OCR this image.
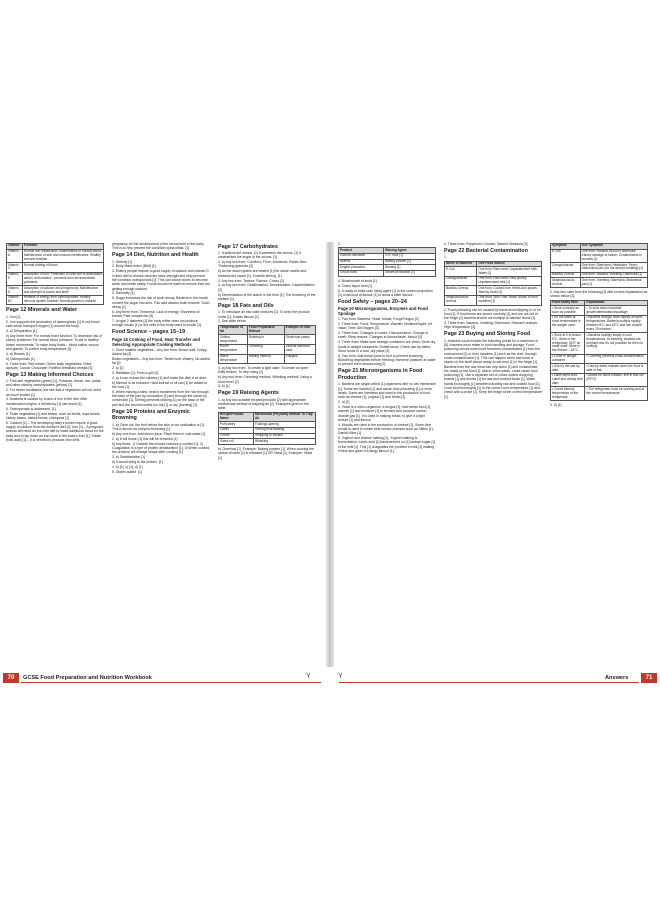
Vitamin	Function
Vitamin A	Normal iron metabolism; Maintenance of normal vision; Maintenance of skin and mucous membranes; Healthy immune function
Vitamin C	Normal clotting of blood
Vitamin E	Absorption of iron; Protection of cells due to antioxidant action; Anti-oxidant – prevents from environmental pollutants
Vitamin D	Absorption of calcium and phosphorus; Maintenance and strength of bones and teeth
Vitamin B1	Release of energy from carbohydrates; Healthy nervous system function; Normal growth in children
Page 12 Minerals and Water

1. Iron [1]

2. Iron supports the production of haemoglobin [1] in red blood cells which transport oxygen [1] around the body.

3. a) Dehydration [1]

b) Any three from: For normal brain function; To decrease risk of kidney problems; For normal blood pressure; To aid in healthy bowel movements; To make body fluids – blood saliva, mucus and glands; To control body temperature [3]

4. a) Rickets [1]

b) Osteoporosis [1]

5. Three from: Red meats; Green leafy vegetables; Dried apricots; Cocoa; Chocolate; Fortified breakfast cereals [3]

Page 13 Making Informed Choices

1. Fruit and vegetables (green) [1]; Potatoes, bread, rice, pasta and other starchy carbohydrates (yellow) [1]

2. For newer foodbanks, the fact that a vegetarian will not need as much protein [1]

3. Anaemia is caused by a lack of iron in the diet. After menstruation begins, a deficiency [1] can result [1].

4. Osteoporosis is addressed. [1]

5. Pulse vegetables [1] and beans, such as lentils, soya beans, kidney beans, baked beans, chickpeas [1]

6. Calcium [1] – The developing baby's bones require a good supply of calcium from the mother's diet [1]. Iron [1] – A pregnant woman will need an iron-rich diet to make additional blood for the baby and to lay down an iron store in the baby's liver [1]. Folate (folic acid) [1] – It is needed to produce new cells.

pregnancy for the development of the neural tube in the baby. This is to help prevent the condition spina bifida. [1]

Page 14 Diet, Nutrition and Health

1. Obesity [1]

2. Body Mass Index (BMI) [1]

3. Elderly people require a good supply of calcium and vitamin D in their diet to ensure muscles have strength and help prevent the condition osteoporosis [1]. This can cause bones to become weak and break easily. Foods should be eaten to ensure they are getting enough calcium.

4. Rancidity [1]

5. Sugar increases the risk of tooth decay. Bacteria in the mouth convert the sugar into acid. This acid attacks tooth enamel. Tooth decay [1]

6. Any three from: Tiredness; Lack of energy; Shortness of breath; Pale complexion [3]

7. In type 2 diabetes [1] the body either does not produce enough insulin [1] or the cells in the body react to insulin [1].

Food Science – pages 15–19
Page 15 Cooking of Food, Heat Transfer and Selecting Appropriate Cooking Methods

1. Oven roasted vegetables – Any two from: Brown well; Crispy; Added fat [2]

Boiled vegetables – Any two from: Tender/soft; Watery; No added fat [2]

2. a) [1]

3. Radiation [1]; From a grill [1]

4. a) It can reduce the calories [1] and make the dish a lot drier.

b) Method is as followed: Hard-boil fat or oil can [1] be added to the food [1].

5. When making a stew, heat is transferred from the hob through the base of the pan by conduction [1] and through the sauce by convection [1]. Stirring prevents sticking [1] on the base of the pan and the food becomes too hot [1] or dry (burning) [1].

Page 16 Proteins and Enzymic Browning

1. a) Clear out, the fruit before the skin of cut oxidisation is [1]. This is known as enzymic browning [1].

b) Any one from: Add lemon juice; Place them in cold water [1]

2. a) It will brown [1] this will be browned [1]

b) Any three: 1) Outside the mixture reaches a curdled [1]; 2) Coagulation in a tyre of protein denaturation [1]; 3) When cooked the proteins will change shape after cooking [1]

3. a) Gelatinisation [1]

b) It would bring to the protein. [1]

4. b) [1]; c) [1]; d) [1]

5. Gluten added. [1]

Page 17 Carbohydrates

1. It softens the onions. [1] It sweetens the onions. [1] It caramelises the sugar in the onions. [1]

2. a) Any two from: Cornflour; Flour; Arrowroot; Potato flour; Thickening granules [2]

b) As the starch grains are heated [1] the starch swells and thickens the sauce [1]. It needs stirring. [1]

3. Any two from: Texture; Flavour; Colour [2]

4. a) Any two from: Gelatinisation; Dextrinisation; Caramelisation [2]

b) Dextrinisation of the starch in the flour [1]; The browning of the surface [1]

Page 18 Fats and Oils

1. To introduce air into cake mixtures [1]; To keep the product moist [1]; It adds flavour [1]

2. See table below

Temperature of fat	Food Preparation Method	Example of Dish
Chilled temperature	Rubbing in	Shortcrust pastry
Room temperature	Creaming	Victoria sandwich cake
Warm temperature	Melting method	Flapjack

4. a) Any two from: To create a light cake; To create an open fluffy texture; To help rising [2]

b) Any two from: Creaming method; Whisking method; Using a food mixer [2]

5. b) [1]

Page 19 Raising Agents

1. a) Any two suitable recipes/products [2] with appropriate mechanical method of trapping air [2]. Examples given in the table.

Recipe/Product Name	Mechanical (Physical) Method To Trap Air
Puff pastry	Folding/Layering
Cakes	Sieving flour/Beating
Cream	Whipping to thicken
Swiss roll	Whisking

b) Chemical [1]. Example: Baking powder [1]. When cooking the carbon dioxide [1] is released [1] OR Yeast [1]. Example: Yeast [1]

2.

Product	Raising Agent
Victoria Sandwich	S.R. flour [1]
Muffins	Baking powder [1]
English pancakes	Beating [1]
Choux buns	Steam production [1]

4. Bicarbonate of soda [1]

A. Dutch liquor best [1]

5. A ready-to-bake-only rising agent [1] in the correct proportion [1] of amount of flavour [1] to avoid a bitter flavour.

Food Safety – pages 20–24
Page 20 Microorganisms, Enzymes and Food Spoilage

1. Two from: Bacteria; Yeast; Mould; Fungi/Fungus [2]

2. Three from: Food; Temperature; Warmth; Moisture/liquid; pH value; Time; Air/Oxygen [3]

3. Three from: Changes in colour; Discolouration; Change in smell; Slimy texture; Changes in flavour/taste; Mould [3]

4. Three from: Make sure storage containers are clean; Store dry foods in airtight containers; Rotate stock; Check use by dates; Store foods in a cool, dry place [3]

5. Two from: Add lemon juice to fruit to prevent browning; Blanching vegetables before freezing; Immerse potatoes in water to prevent them discolouring [2]

Page 21 Microorganisms in Food Production

1. Bacteria are single-celled [1] organisms with no cell membrane [1]. Some are harmful [1] and cause food poisoning [1] or even death. Some are harmless and used in the production of food such as cheese [1], yoghurt [1] and bread [1].

2. a) [1]

3. Yeast is a micro-organism, a fungus [1], that needs food [1], warmth [1] and moisture [1] to ferment and produce carbon dioxide gas [1]. It is used in making bread, to give it a light texture [1] and flavour.

4. Moulds are used in the production of cheese [1]. Some blue mould is used to create blue veined cheeses such as Stilton [1], Danish Blue [1].

5. Yoghurt and cheese making [1]. Yoghurt-making is fermentation: Lactic acid [1] bacteria feed on [1] lactose sugar [1] in the milk [1]. This [1] coagulates the proteins in milk [1] making it thick and gives it a tangy flavour [1].

4. Three from: Pepperoni; Chorizo; Salami; Bresaola [3]

Page 22 Bacterial Contamination

1.

Name of Bacteria	One Food Source
E.Coli	One from: Raw meat; Unpasteurised milk; Water [1]
Campylobacter	One from: Raw meat; Raw poultry; Unpasteurised milk [1]
Bacillus Cereus	One from: Cooked rice; Herbs and spices; Starchy foods [1]
Staphylococcus Aureus	One from: Skin; Hair; Nose; Mouth of food handlers [1]

2. Food poisoning can be caused by bacteria multiplying in or on food [1]. If food items are stored correctly [1] and are not out of the fridge [1] bacteria should not multiply to harmful levels [1].

3. Three from: Nausea; Vomiting; Diarrhoea; Stomach cramps; High temperature [3]

Page 23 Buying and Storing Food

1. Answers could include the following points for a maximum of [8]. Answers must relate to food handling and storage: Food poisoning occurs when food becomes contaminated [1] from the environment [1] or food handlers [1] such as the chef, through cross-contamination [1]. This can happen when raw meat is stored on the shelf above ready-to-eat food [1] in the fridge [1]. Bacteria from the raw meat can drip down [1] and contaminate the ready-to-eat food [1], which, when eaten, could cause food poisoning [1]. Use a separate set of colour-coded chopping boards [1] and knives [1] for raw and cooked foods [1]. Wash hands thoroughly [1] between handling raw and cooked food [1]. Cook food thoroughly [1] to the correct core temperature [1] and check with a probe [1]. Keep the fridge at the correct temperature [1].

Symptom	One Symptom
E.Coli	One from: Nausea; Blood in diarrhoea; Kidney damage or failure; Contaminants in humans [1]
Campylobacter	One from: Diarrhoea; Headache; Fever; Abdominal pain (do not accept vomiting) [1]
Bacillus Cereus	One from: Nausea; Vomiting; Diarrhoea [1]
Staphylococcus Aureus	One from: Vomiting; Diarrhoea; Abdominal pain [1]

2. Any two rules from the following [2] with correct explanation as shown below [2].

Food Safety Rule	Explanation
• Store correctly as soon as possible.	• To slow down microbial growth/deterioration/spoilage.
• Do not leave at room temperature in the danger zone.	• Bacteria multiply more rapidly at warm temperatures. Bacteria multiply rapidly between 5°C and 63°C and can double every 20 minutes.
• Store at 0 to below 5°C. Store in the refrigerator, NOT on lower shelf. Store in the freezer: –18°C.	• Bacteria multiply slowly in cold temperatures. At freezing, bacteria are dormant and it's not possible for them to multiply.
• Cover in airtight container.	• Covering prevents cross-contamination.
• Use by the use-by date.	• Use-by dates indicate when the food is safe to eat.
• Label dried food. Label and clearly with date.	• Allows for stock rotation, first in first out (FIFO).
• Check internal temperature of the refrigerator.	• The refrigerator must be working and at the correct temperature.

3. d) [1]

70	GCSE Food Preparation and Nutrition Workbook	Y	Y	Answers	71
